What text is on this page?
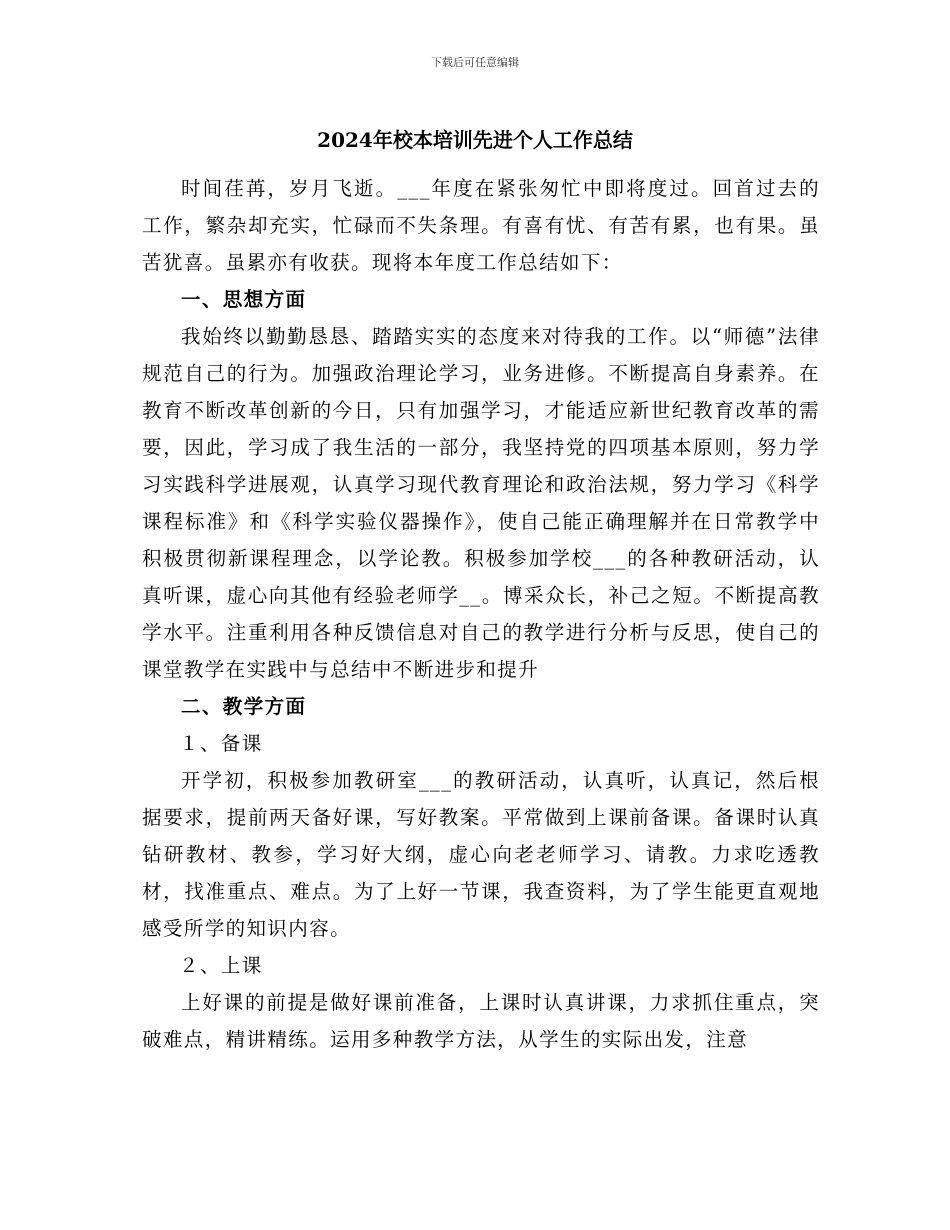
下载后可任意编辑
2024年校本培训先进个人工作总结

时间荏苒，岁月飞逝。___年度在紧张匆忙中即将度过。回首过去的工作，繁杂却充实，忙碌而不失条理。有喜有忧、有苦有累，也有果。虽苦犹喜。虽累亦有收获。现将本年度工作总结如下：

一、思想方面

我始终以勤勤恳恳、踏踏实实的态度来对待我的工作。以“师德”法律规范自己的行为。加强政治理论学习，业务进修。不断提高自身素养。在教育不断改革创新的今日，只有加强学习，才能适应新世纪教育改革的需要，因此，学习成了我生活的一部分，我坚持党的四项基本原则，努力学习实践科学进展观，认真学习现代教育理论和政治法规，努力学习《科学课程标准》和《科学实验仪器操作》，使自己能正确理解并在日常教学中积极贯彻新课程理念，以学论教。积极参加学校___的各种教研活动，认真听课，虚心向其他有经验老师学__。博采众长，补己之短。不断提高教学水平。注重利用各种反馈信息对自己的教学进行分析与反思，使自己的课堂教学在实践中与总结中不断进步和提升

二、教学方面
１、备课

开学初，积极参加教研室___的教研活动，认真听，认真记，然后根据要求，提前两天备好课，写好教案。平常做到上课前备课。备课时认真钻研教材、教参，学习好大纲，虚心向老老师学习、请教。力求吃透教材，找准重点、难点。为了上好一节课，我查资料，为了学生能更直观地感受所学的知识内容。

２、上课

上好课的前提是做好课前准备，上课时认真讲课，力求抓住重点，突破难点，精讲精练。运用多种教学方法，从学生的实际出发，注意
